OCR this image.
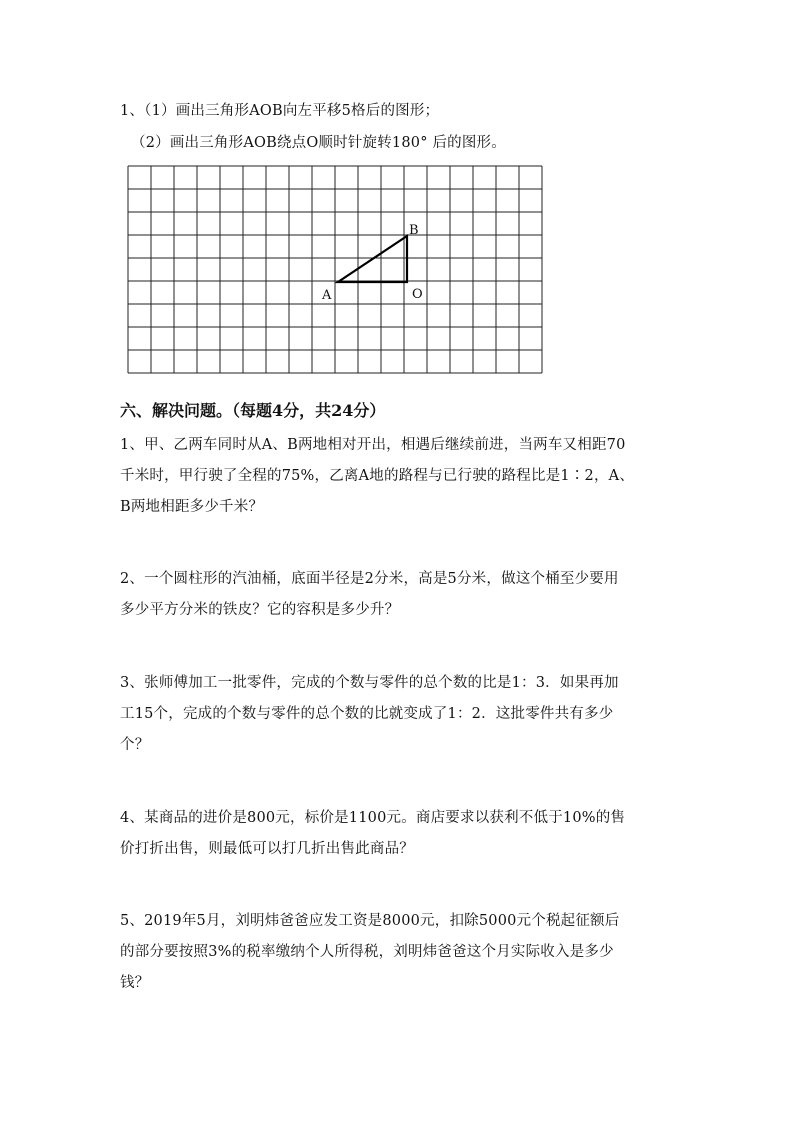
1、（1）画出三角形AOB向左平移5格后的图形；
（2）画出三角形AOB绕点O顺时针旋转180° 后的图形。
A
B
O
六、解决问题。（每题4分，共24分）
1、甲、乙两车同时从A、B两地相对开出，相遇后继续前进，当两车又相距70
千米时，甲行驶了全程的75%，乙离A地的路程与已行驶的路程比是1∶2，A、
B两地相距多少千米？
2、一个圆柱形的汽油桶，底面半径是2分米，高是5分米，做这个桶至少要用
多少平方分米的铁皮？它的容积是多少升？
3、张师傅加工一批零件，完成的个数与零件的总个数的比是1：3．如果再加
工15个，完成的个数与零件的总个数的比就变成了1：2．这批零件共有多少
个？
4、某商品的进价是800元，标价是1100元。商店要求以获利不低于10%的售
价打折出售，则最低可以打几折出售此商品？
5、2019年5月，刘明炜爸爸应发工资是8000元，扣除5000元个税起征额后
的部分要按照3%的税率缴纳个人所得税，刘明炜爸爸这个月实际收入是多少
钱？
